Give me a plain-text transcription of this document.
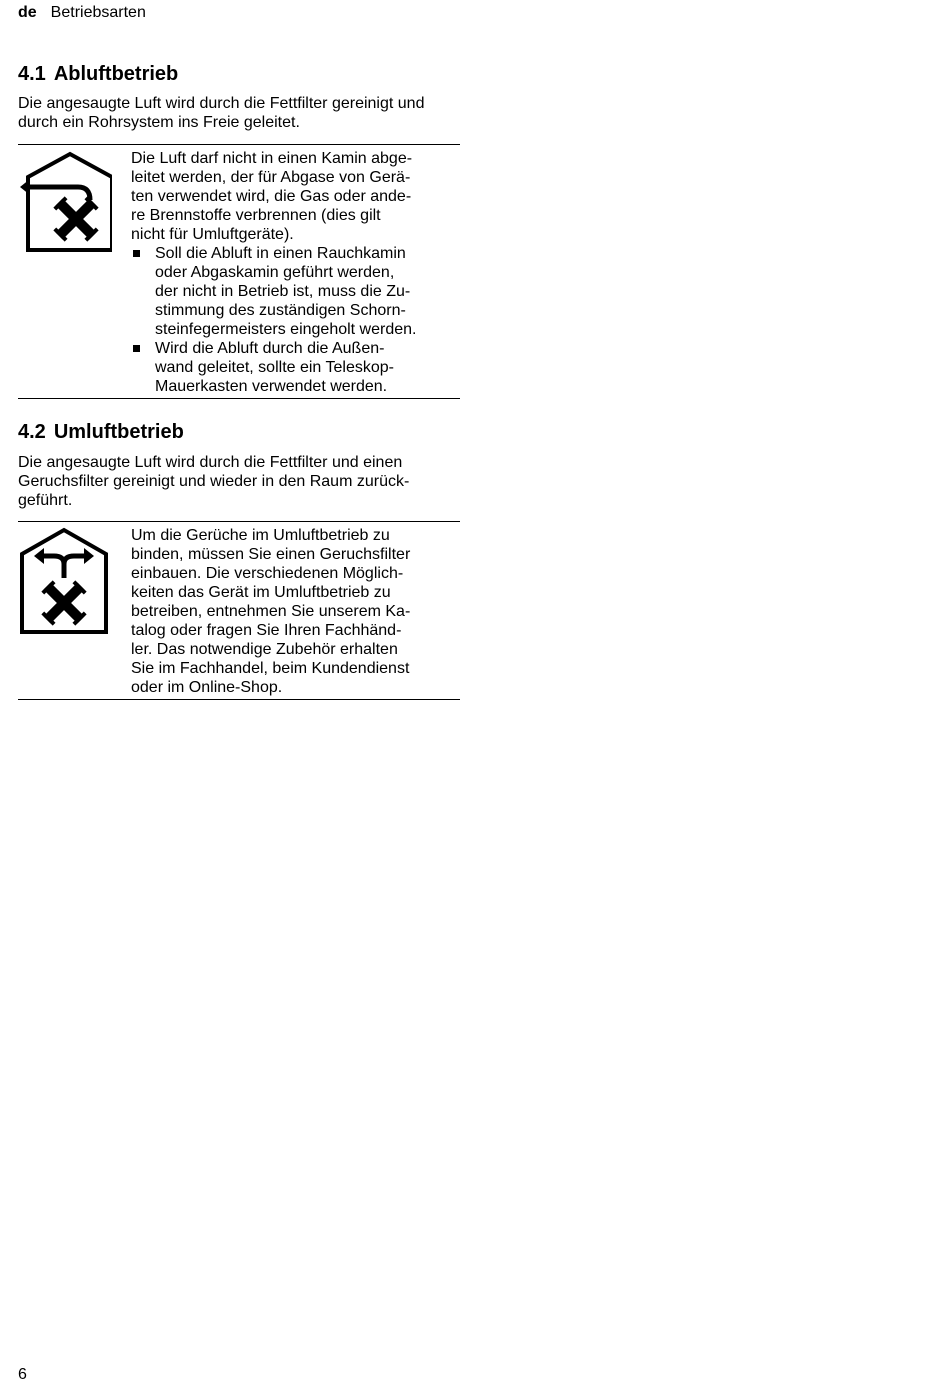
de Betriebsarten
4.1 Abluftbetrieb

Die angesaugte Luft wird durch die Fettfilter gereinigt und durch ein Rohrsystem ins Freie geleitet.

Die Luft darf nicht in einen Kamin abge-
leitet werden, der für Abgase von Gerä-
ten verwendet wird, die Gas oder ande-
re Brennstoffe verbrennen (dies gilt
nicht für Umluftgeräte).

Soll die Abluft in einen Rauchkamin
oder Abgaskamin geführt werden,
der nicht in Betrieb ist, muss die Zu-
stimmung des zuständigen Schorn-
steinfegermeisters eingeholt werden.
Wird die Abluft durch die Außen-
wand geleitet, sollte ein Teleskop-
Mauerkasten verwendet werden.
4.2 Umluftbetrieb

Die angesaugte Luft wird durch die Fettfilter und einen
Geruchsfilter gereinigt und wieder in den Raum zurück-
geführt.

Um die Gerüche im Umluftbetrieb zu
binden, müssen Sie einen Geruchsfilter
einbauen. Die verschiedenen Möglich-
keiten das Gerät im Umluftbetrieb zu
betreiben, entnehmen Sie unserem Ka-
talog oder fragen Sie Ihren Fachhänd-
ler. Das notwendige Zubehör erhalten
Sie im Fachhandel, beim Kundendienst
oder im Online-Shop.

6
